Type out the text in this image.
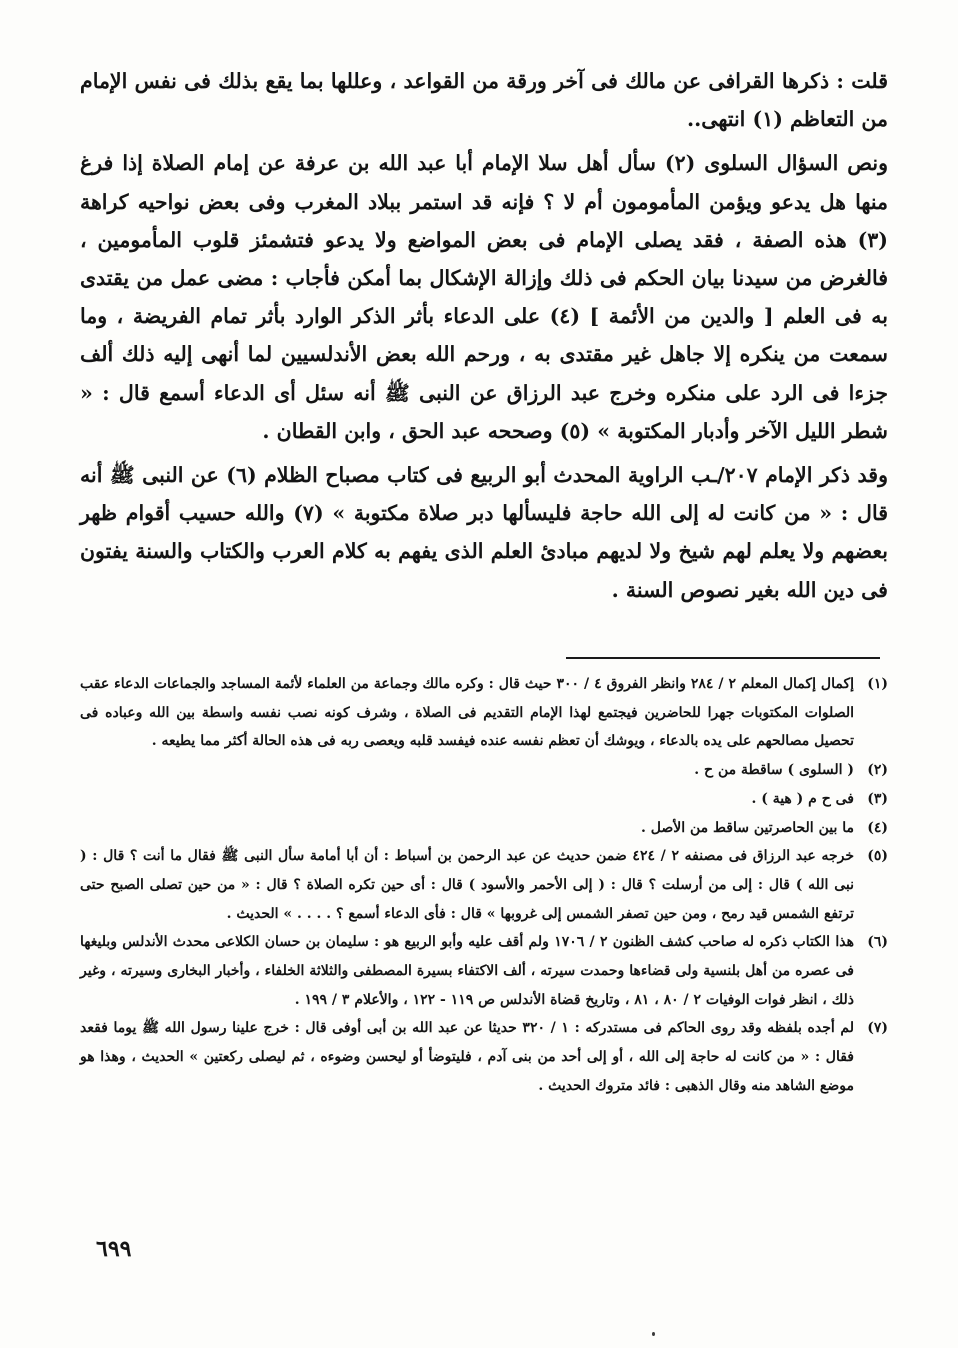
قلت : ذكرها القرافى عن مالك فى آخر ورقة من القواعد ، وعللها بما يقع بذلك فى نفس الإمام من التعاظم (١) انتهى..

ونص السؤال السلوى (٢) سأل أهل سلا الإمام أبا عبد الله بن عرفة عن إمام الصلاة إذا فرغ منها هل يدعو ويؤمن المأمومون أم لا ؟ فإنه قد استمر ببلاد المغرب وفى بعض نواحيه كراهة (٣) هذه الصفة ، فقد يصلى الإمام فى بعض المواضع ولا يدعو فتشمئز قلوب المأمومين ، فالغرض من سيدنا بيان الحكم فى ذلك وإزالة الإشكال بما أمكن فأجاب : مضى عمل من يقتدى به فى العلم [ والدين من الأئمة ] (٤) على الدعاء بأثر الذكر الوارد بأثر تمام الفريضة ، وما سمعت من ينكره إلا جاهل غير مقتدى به ، ورحم الله بعض الأندلسيين لما أنهى إليه ذلك ألف جزءا فى الرد على منكره وخرج عبد الرزاق عن النبى ﷺ أنه سئل أى الدعاء أسمع قال : « شطر الليل الآخر وأدبار المكتوبة » (٥) وصححه عبد الحق ، وابن القطان .

وقد ذكر الإمام ٢٠٧/ـب الراوية المحدث أبو الربيع فى كتاب مصباح الظلام (٦) عن النبى ﷺ أنه قال : « من كانت له إلى الله حاجة فليسألها دبر صلاة مكتوبة » (٧) والله حسيب أقوام ظهر بعضهم ولا يعلم لهم شيخ ولا لديهم مبادئ العلم الذى يفهم به كلام العرب والكتاب والسنة يفتون فى دين الله بغير نصوص السنة .

(١)
إكمال إكمال المعلم ٢ / ٢٨٤ وانظر الفروق ٤ / ٣٠٠ حيث قال : وكره مالك وجماعة من العلماء لأئمة المساجد والجماعات الدعاء عقب الصلوات المكتوبات جهرا للحاضرين فيجتمع لهذا الإمام التقديم فى الصلاة ، وشرف كونه نصب نفسه واسطة بين الله وعباده فى تحصيل مصالحهم على يده بالدعاء ، ويوشك أن تعظم نفسه عنده فيفسد قلبه ويعصى ربه فى هذه الحالة أكثر مما يطيعه .

(٢)
( السلوى ) ساقطة من ح .

(٣)
فى ح م ( هية ) .

(٤)
ما بين الحاصرتين ساقط من الأصل .

(٥)
خرجه عبد الرزاق فى مصنفه ٢ / ٤٢٤ ضمن حديث عن عبد الرحمن بن أسباط : أن أبا أمامة سأل النبى ﷺ فقال ما أنت ؟ قال : ( نبى الله ) قال : إلى من أرسلت ؟ قال : ( إلى الأحمر والأسود ) قال : أى حين تكره الصلاة ؟ قال : « من حين تصلى الصبح حتى ترتفع الشمس قيد رمح ، ومن حين تصفر الشمس إلى غروبها » قال : فأى الدعاء أسمع ؟ . . . . » الحديث .

(٦)
هذا الكتاب ذكره له صاحب كشف الظنون ٢ / ١٧٠٦ ولم أقف عليه وأبو الربيع هو : سليمان بن حسان الكلاعى محدث الأندلس وبليغها فى عصره من أهل بلنسية ولى قضاءها وحمدت سيرته ، ألف الاكتفاء بسيرة المصطفى والثلاثة الخلفاء ، وأخبار البخارى وسيرته ، وغير ذلك ، انظر فوات الوفيات ٢ / ٨٠ ، ٨١ ، وتاريخ قضاة الأندلس ص ١١٩ - ١٢٢ ، والأعلام ٣ / ١٩٩ .

(٧)
لم أجده بلفظه وقد روى الحاكم فى مستدركه : ١ / ٣٢٠ حديثا عن عبد الله بن أبى أوفى قال : خرج علينا رسول الله ﷺ يوما فقعد فقال : « من كانت له حاجة إلى الله ، أو إلى أحد من بنى آدم ، فليتوضأ أو ليحسن وضوءه ، ثم ليصلى ركعتين » الحديث ، وهذا هو موضع الشاهد منه وقال الذهبى : فائد متروك الحديث .

٦٩٩
